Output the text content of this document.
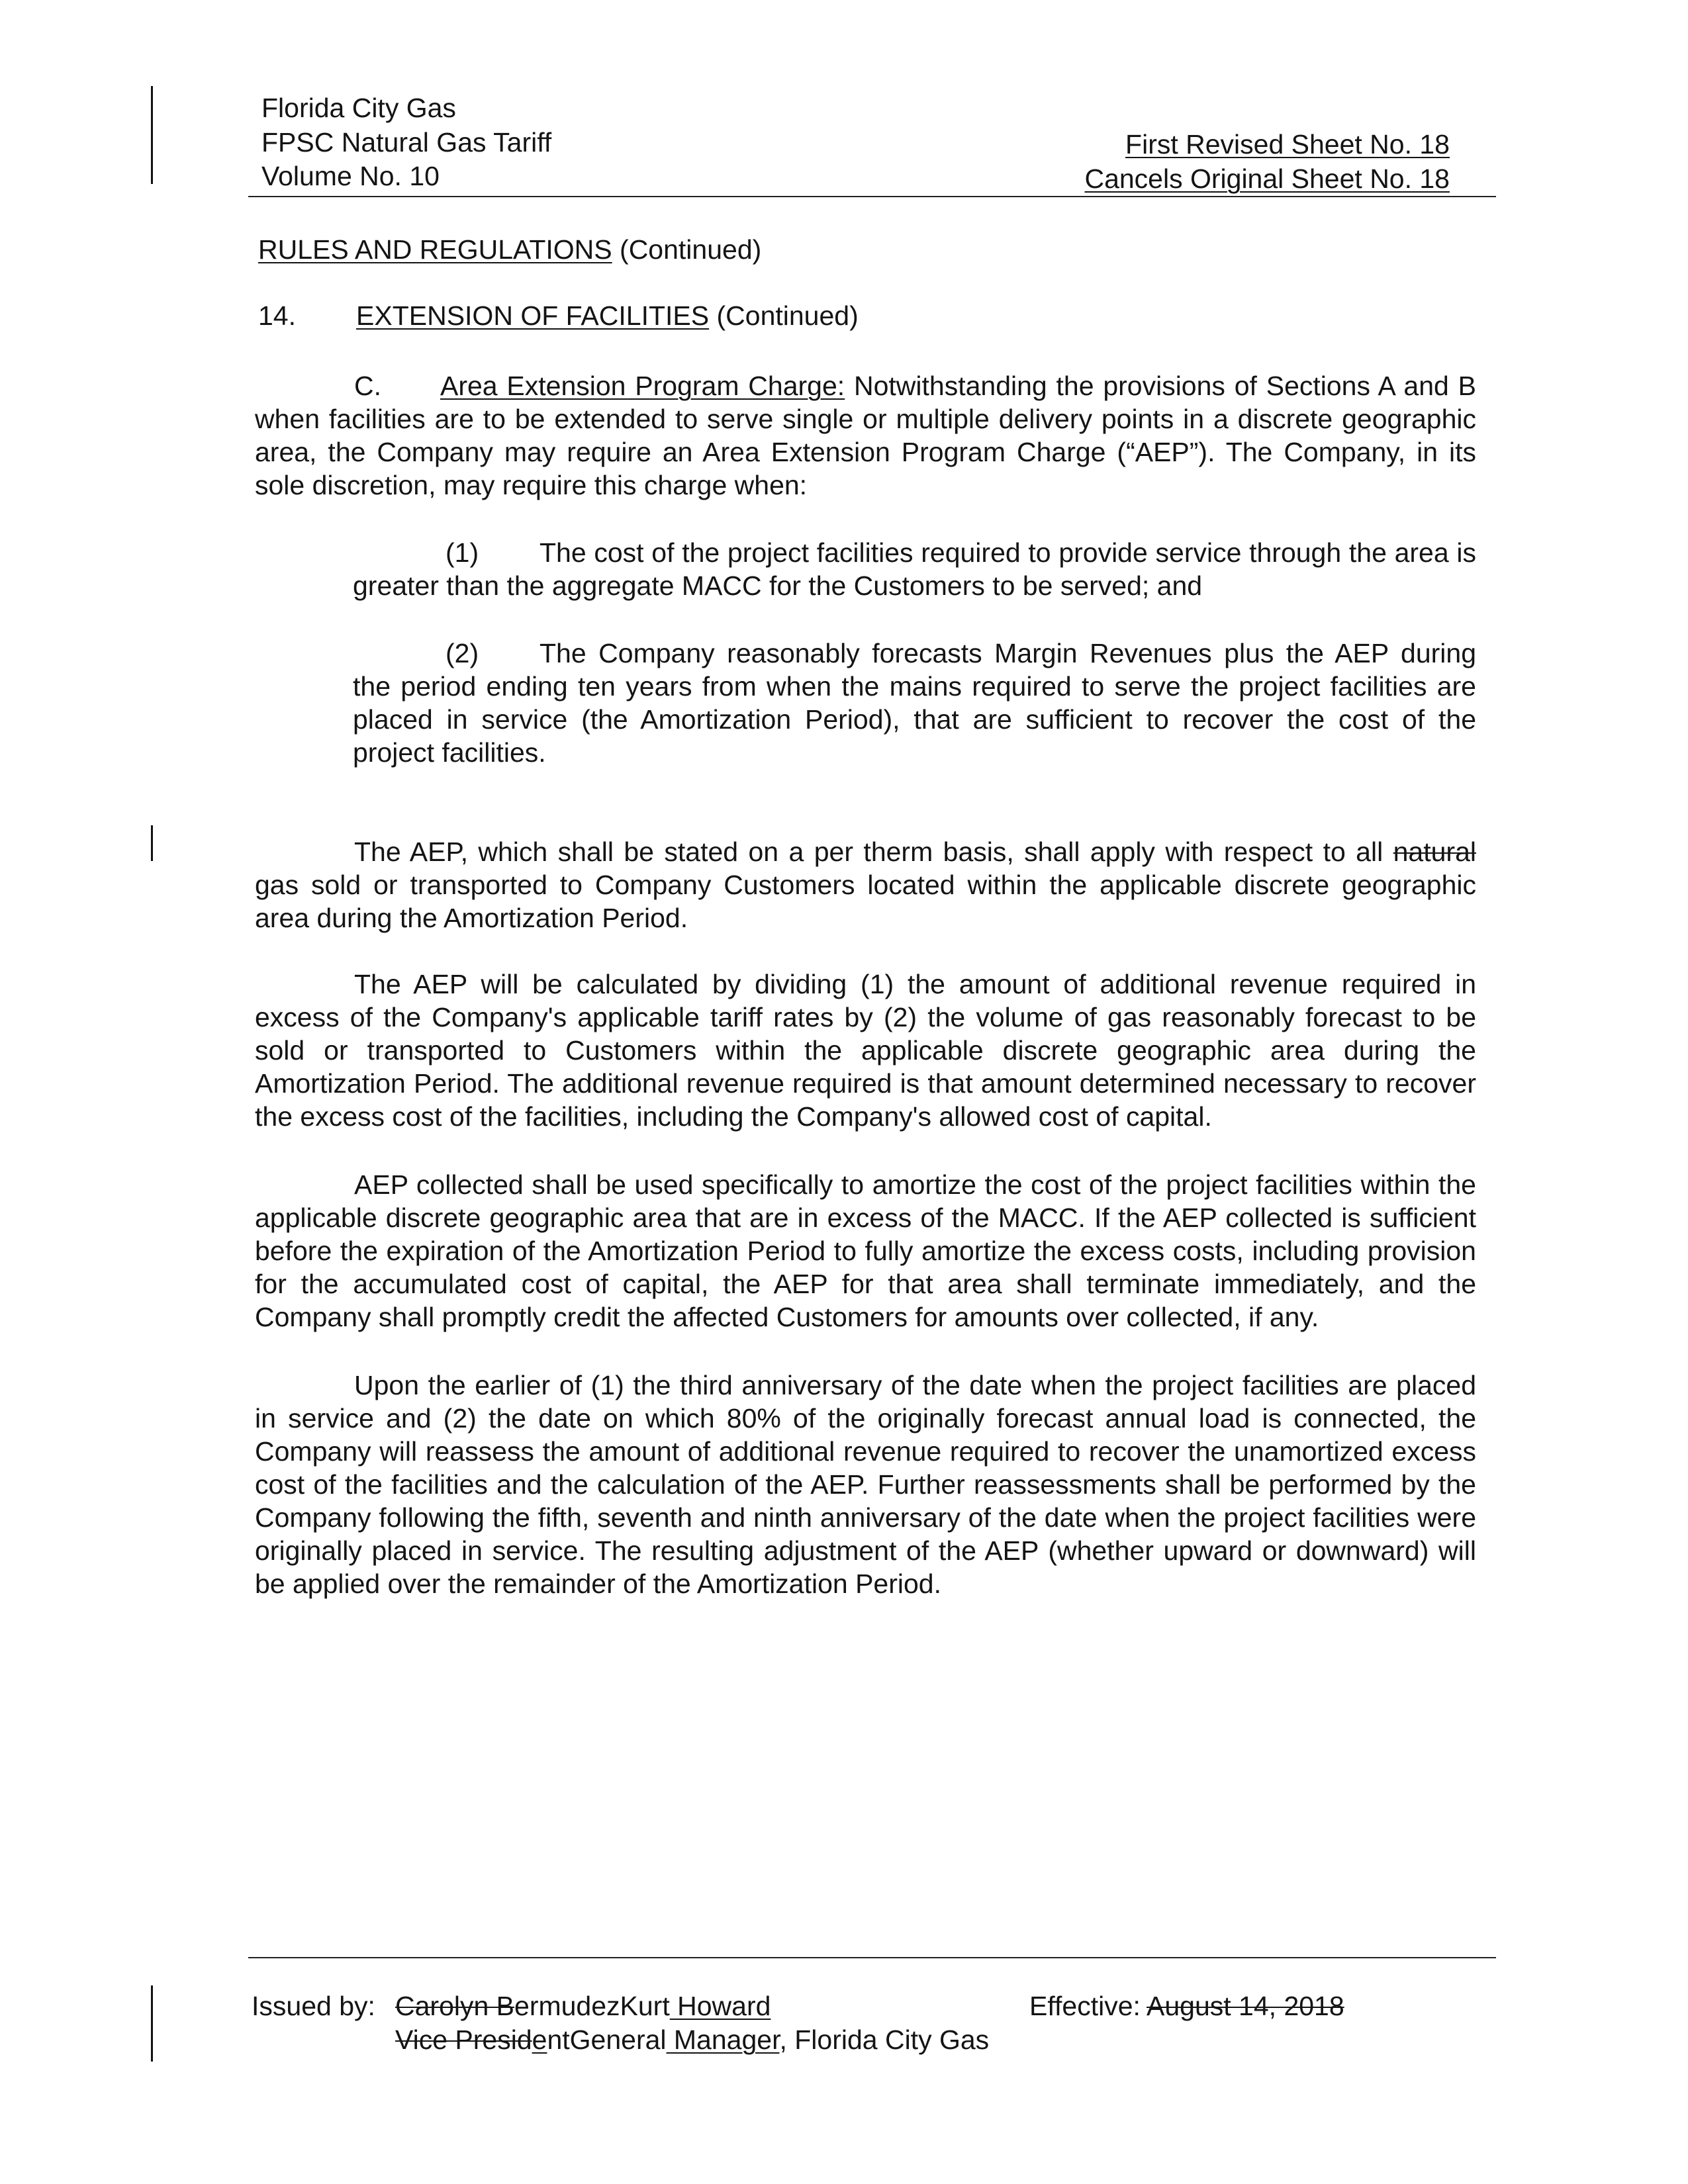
Florida City Gas
FPSC Natural Gas Tariff
Volume No. 10
First Revised Sheet No. 18
Cancels Original Sheet No. 18
RULES AND REGULATIONS (Continued)
14. EXTENSION OF FACILITIES (Continued)
C. Area Extension Program Charge: Notwithstanding the provisions of Sections A and B when facilities are to be extended to serve single or multiple delivery points in a discrete geographic area, the Company may require an Area Extension Program Charge (“AEP”). The Company, in its sole discretion, may require this charge when:
(1) The cost of the project facilities required to provide service through the area is greater than the aggregate MACC for the Customers to be served; and
(2) The Company reasonably forecasts Margin Revenues plus the AEP during the period ending ten years from when the mains required to serve the project facilities are placed in service (the Amortization Period), that are sufficient to recover the cost of the project facilities.
The AEP, which shall be stated on a per therm basis, shall apply with respect to all natural gas sold or transported to Company Customers located within the applicable discrete geographic area during the Amortization Period.
The AEP will be calculated by dividing (1) the amount of additional revenue required in excess of the Company's applicable tariff rates by (2) the volume of gas reasonably forecast to be sold or transported to Customers within the applicable discrete geographic area during the Amortization Period. The additional revenue required is that amount determined necessary to recover the excess cost of the facilities, including the Company's allowed cost of capital.
AEP collected shall be used specifically to amortize the cost of the project facilities within the applicable discrete geographic area that are in excess of the MACC. If the AEP collected is sufficient before the expiration of the Amortization Period to fully amortize the excess costs, including provision for the accumulated cost of capital, the AEP for that area shall terminate immediately, and the Company shall promptly credit the affected Customers for amounts over collected, if any.
Upon the earlier of (1) the third anniversary of the date when the project facilities are placed in service and (2) the date on which 80% of the originally forecast annual load is connected, the Company will reassess the amount of additional revenue required to recover the unamortized excess cost of the facilities and the calculation of the AEP. Further reassessments shall be performed by the Company following the fifth, seventh and ninth anniversary of the date when the project facilities were originally placed in service. The resulting adjustment of the AEP (whether upward or downward) will be applied over the remainder of the Amortization Period.
Issued by: Carolyn BermudezKurt Howard
Vice PresidentGeneral Manager, Florida City Gas
Effective: August 14, 2018
